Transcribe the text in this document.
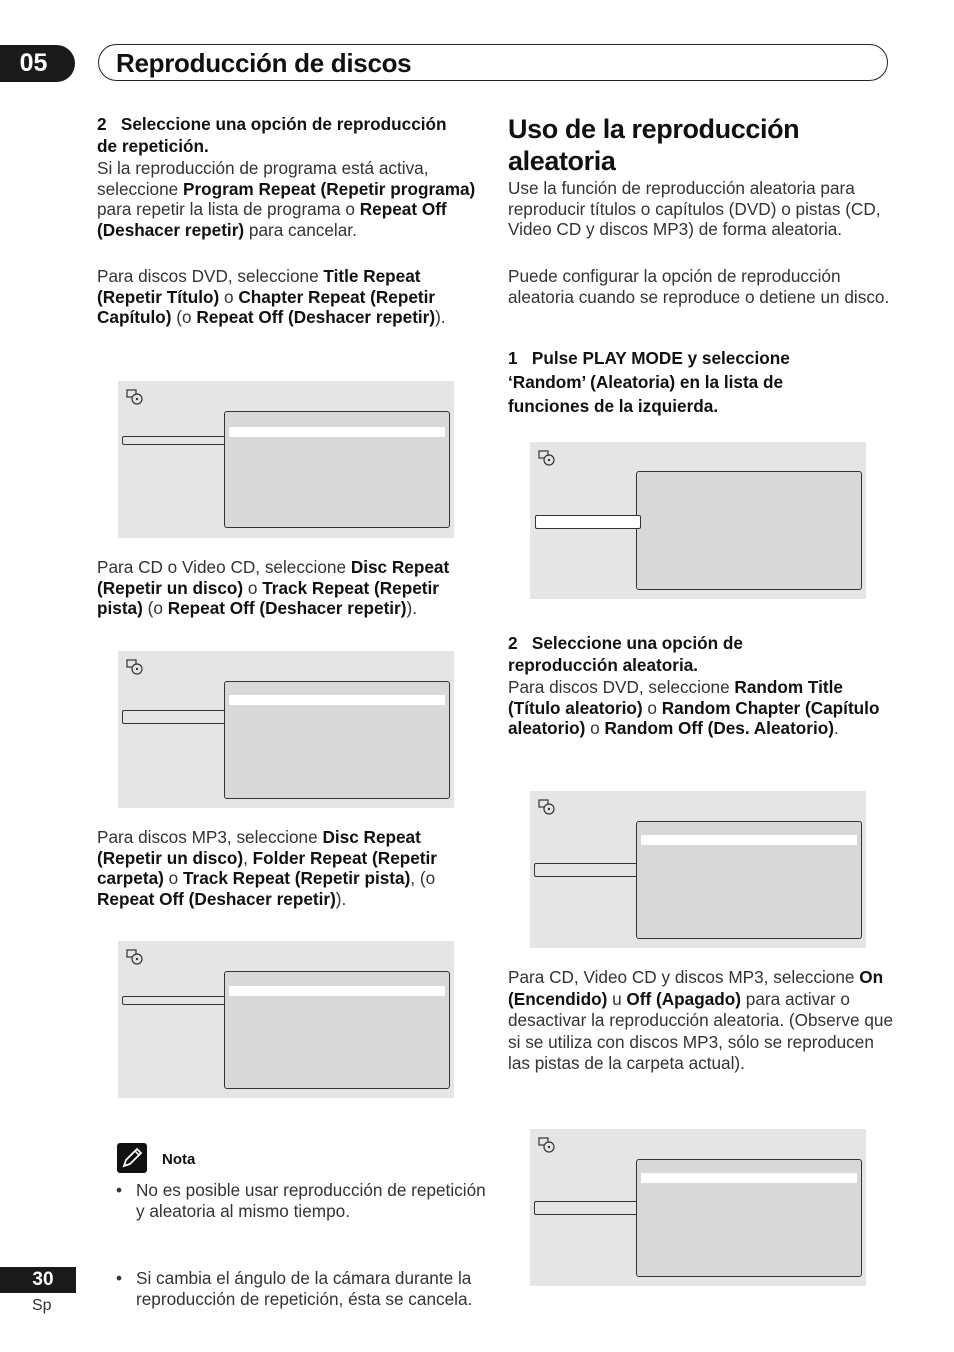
05	Reproducción de discos
2   Seleccione una opción de reproducción de repetición.
Si la reproducción de programa está activa, seleccione Program Repeat (Repetir programa) para repetir la lista de programa o Repeat Off (Deshacer repetir) para cancelar.
Para discos DVD, seleccione Title Repeat (Repetir Título) o Chapter Repeat (Repetir Capítulo) (o Repeat Off (Deshacer repetir)).
Para CD o Video CD, seleccione Disc Repeat (Repetir un disco) o Track Repeat (Repetir pista) (o Repeat Off (Deshacer repetir)).
Para discos MP3, seleccione Disc Repeat (Repetir un disco), Folder Repeat (Repetir carpeta) o Track Repeat (Repetir pista), (o Repeat Off (Deshacer repetir)).
Nota
• No es posible usar reproducción de repetición y aleatoria al mismo tiempo.
• Si cambia el ángulo de la cámara durante la reproducción de repetición, ésta se cancela.
Uso de la reproducción aleatoria
Use la función de reproducción aleatoria para reproducir títulos o capítulos (DVD) o pistas (CD, Video CD y discos MP3) de forma aleatoria.
Puede configurar la opción de reproducción aleatoria cuando se reproduce o detiene un disco.
1   Pulse PLAY MODE y seleccione ‘Random’ (Aleatoria) en la lista de funciones de la izquierda.
2   Seleccione una opción de reproducción aleatoria.
Para discos DVD, seleccione Random Title (Título aleatorio) o Random Chapter (Capítulo aleatorio) o Random Off (Des. Aleatorio).
Para CD, Video CD y discos MP3, seleccione On (Encendido) u Off (Apagado) para activar o desactivar la reproducción aleatoria. (Observe que si se utiliza con discos MP3, sólo se reproducen las pistas de la carpeta actual).
30
Sp
